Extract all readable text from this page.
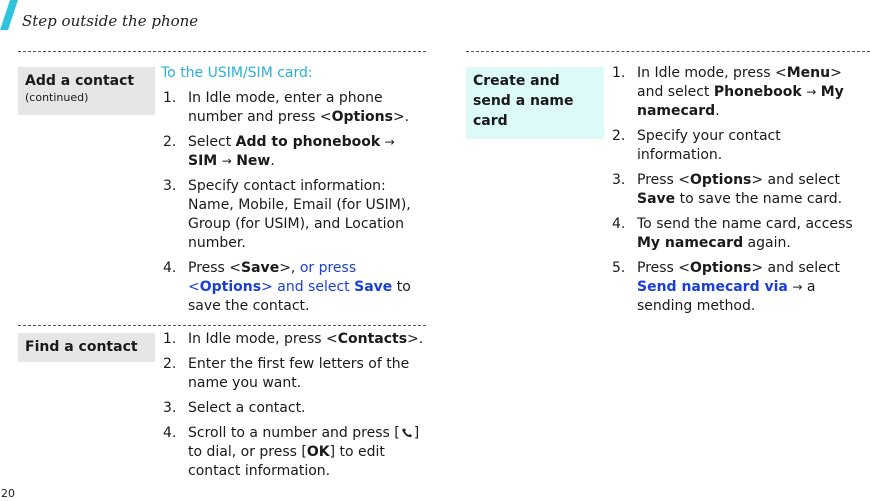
Step outside the phone
Add a contact
(continued)
To the USIM/SIM card:
1. In Idle mode, enter a phone number and press <Options>.
2. Select Add to phonebook → SIM → New.
3. Specify contact information: Name, Mobile, Email (for USIM), Group (for USIM), and Location number.
4. Press <Save>, or press <Options> and select Save to save the contact.
Find a contact	1. In Idle mode, press <Contacts>.
2. Enter the first few letters of the name you want.
3. Select a contact.
4. Scroll to a number and press [ ] to dial, or press [OK] to edit contact information.
Create and send a name card
1. In Idle mode, press <Menu> and select Phonebook → My namecard.
2. Specify your contact information.
3. Press <Options> and select Save to save the name card.
4. To send the name card, access My namecard again.
5. Press <Options> and select Send namecard via → a sending method.
20
